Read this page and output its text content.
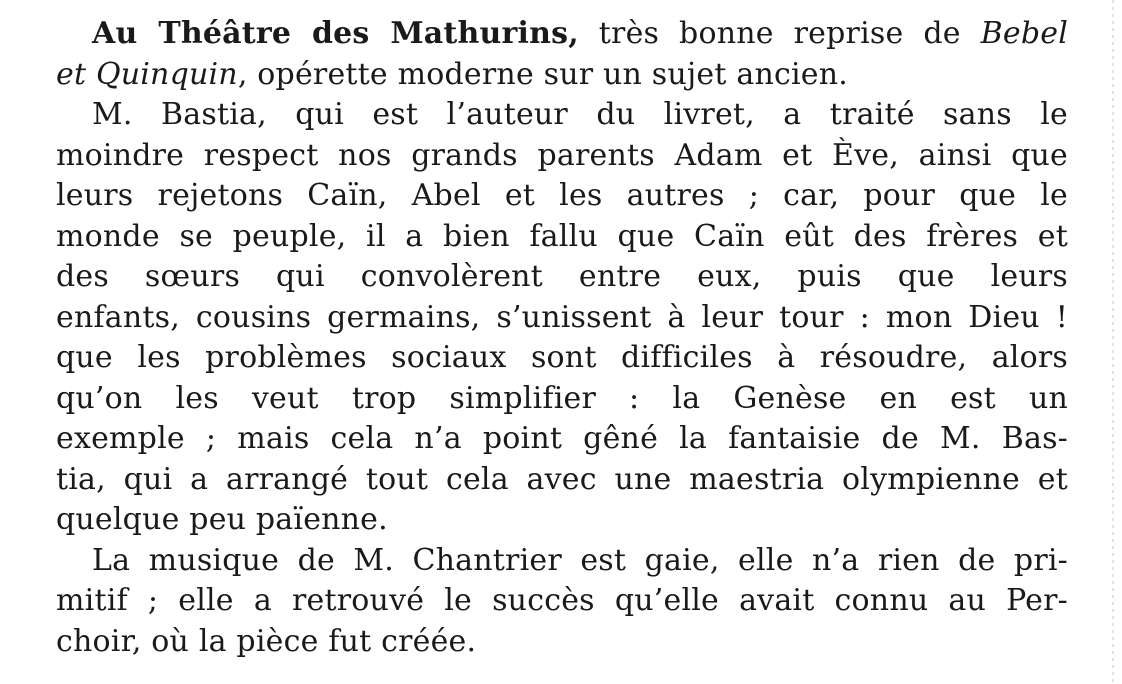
Au Théâtre des Mathurins, très bonne reprise de Bebel
et Quinquin, opérette moderne sur un sujet ancien.
M. Bastia, qui est l’auteur du livret, a traité sans le
moindre respect nos grands parents Adam et Ève, ainsi que
leurs rejetons Caïn, Abel et les autres ; car, pour que le
monde se peuple, il a bien fallu que Caïn eût des frères et
des sœurs qui convolèrent entre eux, puis que leurs
enfants, cousins germains, s’unissent à leur tour : mon Dieu !
que les problèmes sociaux sont difficiles à résoudre, alors
qu’on les veut trop simplifier : la Genèse en est un
exemple ; mais cela n’a point gêné la fantaisie de M. Bas-
tia, qui a arrangé tout cela avec une maestria olympienne et
quelque peu païenne.
La musique de M. Chantrier est gaie, elle n’a rien de pri-
mitif ; elle a retrouvé le succès qu’elle avait connu au Per-
choir, où la pièce fut créée.
